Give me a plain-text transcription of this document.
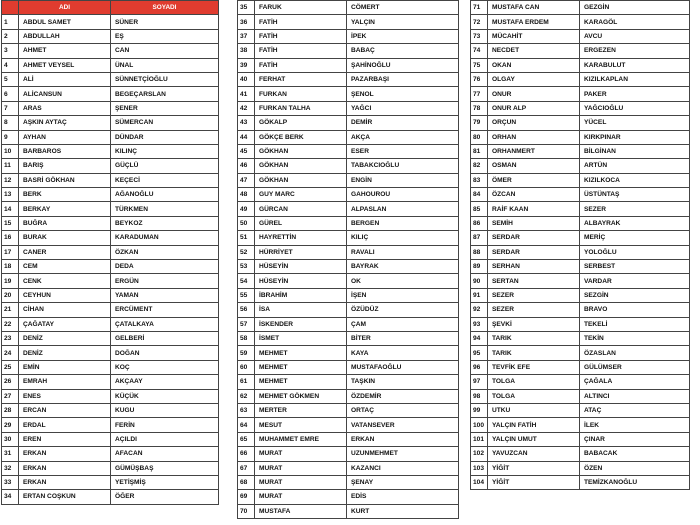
	ADI	SOYADI
1	ABDUL SAMET	SÜNER
2	ABDULLAH	EŞ
3	AHMET	CAN
4	AHMET VEYSEL	ÜNAL
5	ALİ	SÜNNETÇİOĞLU
6	ALİCANSUN	BEGEÇARSLAN
7	ARAS	ŞENER
8	AŞKIN AYTAÇ	SÜMERCAN
9	AYHAN	DÜNDAR
10	BARBAROS	KILINÇ
11	BARIŞ	GÜÇLÜ
12	BASRİ GÖKHAN	KEÇECİ
13	BERK	AĞANOĞLU
14	BERKAY	TÜRKMEN
15	BUĞRA	BEYKOZ
16	BURAK	KARADUMAN
17	CANER	ÖZKAN
18	CEM	DEDA
19	CENK	ERGÜN
20	CEYHUN	YAMAN
21	CİHAN	ERCÜMENT
22	ÇAĞATAY	ÇATALKAYA
23	DENİZ	GELBERİ
24	DENİZ	DOĞAN
25	EMİN	KOÇ
26	EMRAH	AKÇAAY
27	ENES	KÜÇÜK
28	ERCAN	KUGU
29	ERDAL	FERİN
30	EREN	AÇILDI
31	ERKAN	AFACAN
32	ERKAN	GÜMÜŞBAŞ
33	ERKAN	YETİŞMİŞ
34	ERTAN COŞKUN	ÖĞER
35	FARUK	CÖMERT
36	FATİH	YALÇIN
37	FATİH	İPEK
38	FATİH	BABAÇ
39	FATİH	ŞAHİNOĞLU
40	FERHAT	PAZARBAŞI
41	FURKAN	ŞENOL
42	FURKAN TALHA	YAĞCI
43	GÖKALP	DEMİR
44	GÖKÇE BERK	AKÇA
45	GÖKHAN	ESER
46	GÖKHAN	TABAKCIOĞLU
47	GÖKHAN	ENGİN
48	GUY MARC	GAHOUROU
49	GÜRCAN	ALPASLAN
50	GÜREL	BERGEN
51	HAYRETTİN	KILIÇ
52	HÜRRİYET	RAVALI
53	HÜSEYİN	BAYRAK
54	HÜSEYİN	OK
55	İBRAHİM	İŞEN
56	İSA	ÖZÜDÜZ
57	İSKENDER	ÇAM
58	İSMET	BİTER
59	MEHMET	KAYA
60	MEHMET	MUSTAFAOĞLU
61	MEHMET	TAŞKIN
62	MEHMET GÖKMEN	ÖZDEMİR
63	MERTER	ORTAÇ
64	MESUT	VATANSEVER
65	MUHAMMET EMRE	ERKAN
66	MURAT	UZUNMEHMET
67	MURAT	KAZANCI
68	MURAT	ŞENAY
69	MURAT	EDİS
70	MUSTAFA	KURT
71	MUSTAFA CAN	GEZGİN
72	MUSTAFA ERDEM	KARAGÖL
73	MÜCAHİT	AVCU
74	NECDET	ERGEZEN
75	OKAN	KARABULUT
76	OLGAY	KIZILKAPLAN
77	ONUR	PAKER
78	ONUR ALP	YAĞCIOĞLU
79	ORÇUN	YÜCEL
80	ORHAN	KIRKPINAR
81	ORHANMERT	BİLGİNAN
82	OSMAN	ARTÜN
83	ÖMER	KIZILKOCA
84	ÖZCAN	ÜSTÜNTAŞ
85	RAİF KAAN	SEZER
86	SEMİH	ALBAYRAK
87	SERDAR	MERİÇ
88	SERDAR	YOLOĞLU
89	SERHAN	SERBEST
90	SERTAN	VARDAR
91	SEZER	SEZGİN
92	SEZER	BRAVO
93	ŞEVKİ	TEKELİ
94	TARIK	TEKİN
95	TARIK	ÖZASLAN
96	TEVFİK EFE	GÜLÜMSER
97	TOLGA	ÇAĞALA
98	TOLGA	ALTINCI
99	UTKU	ATAÇ
100	YALÇIN FATİH	İLEK
101	YALÇIN UMUT	ÇINAR
102	YAVUZCAN	BABACAK
103	YİĞİT	ÖZEN
104	YİĞİT	TEMİZKANOĞLU
